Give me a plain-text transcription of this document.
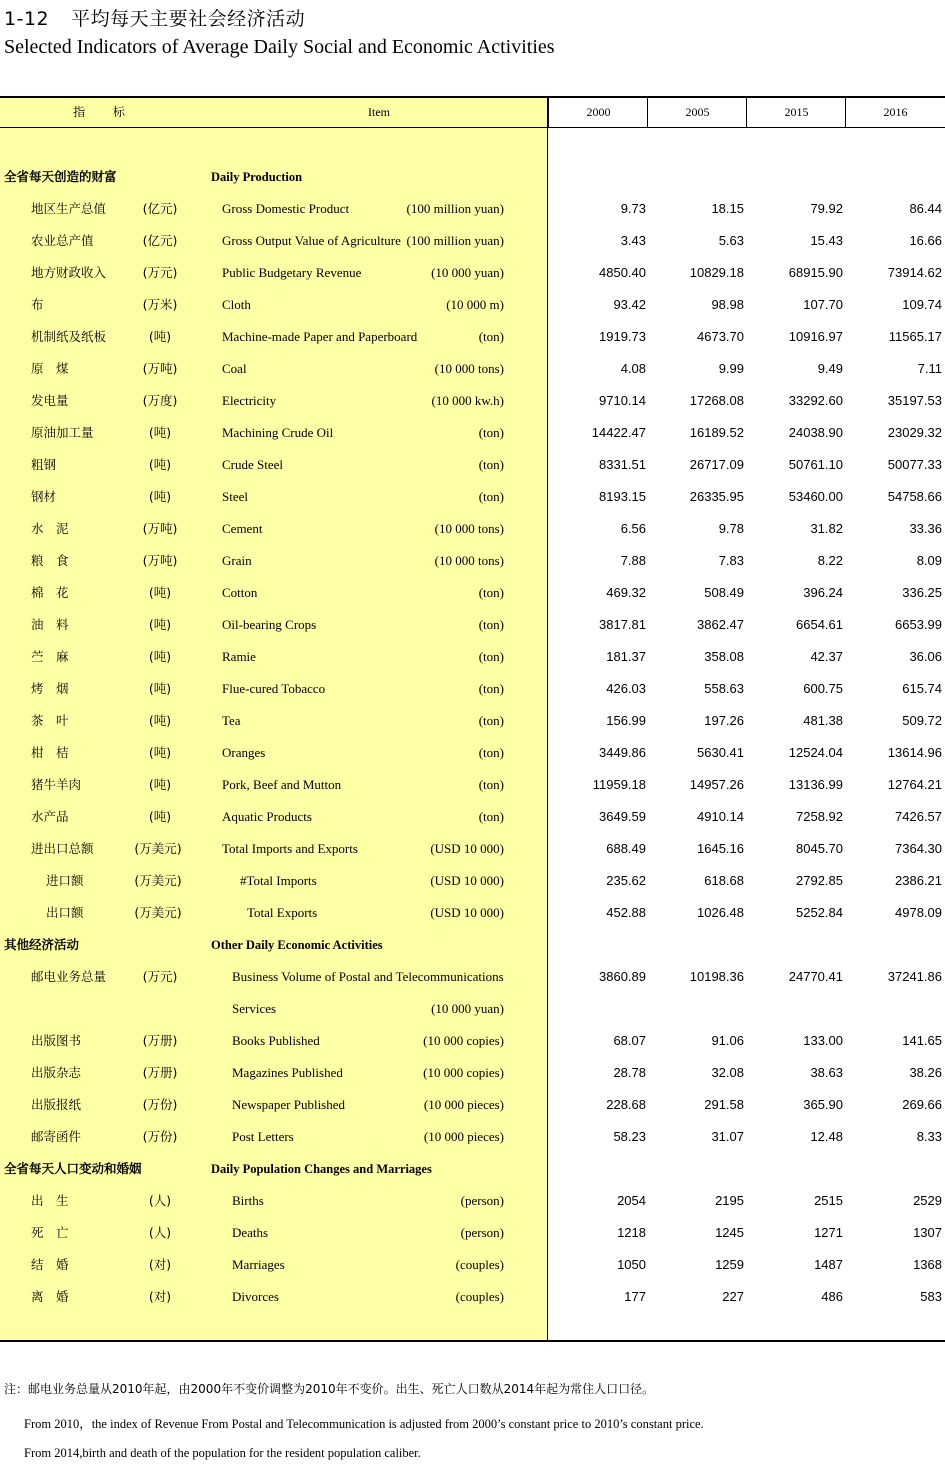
1-12 平均每天主要社会经济活动
Selected Indicators of Average Daily Social and Economic Activities
指 标	Item	2000	2005	2015	2016
全省每天创造的财富	Daily Production
地区生产总值	(亿元)	Gross Domestic Product	(100 million yuan)	9.73	18.15	79.92	86.44
农业总产值	(亿元)	Gross Output Value of Agriculture (100 million yuan)	3.43	5.63	15.43	16.66
地方财政收入	(万元)	Public Budgetary Revenue	(10 000 yuan)	4850.40	10829.18	68915.90	73914.62
布	(万米)	Cloth	(10 000 m)	93.42	98.98	107.70	109.74
机制纸及纸板	(吨)	Machine-made Paper and Paperboard	(ton)	1919.73	4673.70	10916.97	11565.17
原　煤	(万吨)	Coal	(10 000 tons)	4.08	9.99	9.49	7.11
发电量	(万度)	Electricity	(10 000 kw.h)	9710.14	17268.08	33292.60	35197.53
原油加工量	(吨)	Machining Crude Oil	(ton)	14422.47	16189.52	24038.90	23029.32
粗钢	(吨)	Crude Steel	(ton)	8331.51	26717.09	50761.10	50077.33
钢材	(吨)	Steel	(ton)	8193.15	26335.95	53460.00	54758.66
水　泥	(万吨)	Cement	(10 000 tons)	6.56	9.78	31.82	33.36
粮　食	(万吨)	Grain	(10 000 tons)	7.88	7.83	8.22	8.09
棉　花	(吨)	Cotton	(ton)	469.32	508.49	396.24	336.25
油　料	(吨)	Oil-bearing Crops	(ton)	3817.81	3862.47	6654.61	6653.99
苎　麻	(吨)	Ramie	(ton)	181.37	358.08	42.37	36.06
烤　烟	(吨)	Flue-cured Tobacco	(ton)	426.03	558.63	600.75	615.74
茶　叶	(吨)	Tea	(ton)	156.99	197.26	481.38	509.72
柑　桔	(吨)	Oranges	(ton)	3449.86	5630.41	12524.04	13614.96
猪牛羊肉	(吨)	Pork, Beef and Mutton	(ton)	11959.18	14957.26	13136.99	12764.21
水产品	(吨)	Aquatic Products	(ton)	3649.59	4910.14	7258.92	7426.57
进出口总额	(万美元)	Total Imports and Exports	(USD 10 000)	688.49	1645.16	8045.70	7364.30
进口额	(万美元)	#Total Imports	(USD 10 000)	235.62	618.68	2792.85	2386.21
出口额	(万美元)	Total Exports	(USD 10 000)	452.88	1026.48	5252.84	4978.09
其他经济活动	Other Daily Economic Activities
邮电业务总量	(万元)	Business Volume of Postal and Telecommunications	3860.89	10198.36	24770.41	37241.86
Services	(10 000 yuan)
出版图书	(万册)	Books Published	(10 000 copies)	68.07	91.06	133.00	141.65
出版杂志	(万册)	Magazines Published	(10 000 copies)	28.78	32.08	38.63	38.26
出版报纸	(万份)	Newspaper Published	(10 000 pieces)	228.68	291.58	365.90	269.66
邮寄函件	(万份)	Post Letters	(10 000 pieces)	58.23	31.07	12.48	8.33
全省每天人口变动和婚姻	Daily Population Changes and Marriages
出　生	(人)	Births	(person)	2054	2195	2515	2529
死　亡	(人)	Deaths	(person)	1218	1245	1271	1307
结　婚	(对)	Marriages	(couples)	1050	1259	1487	1368
离　婚	(对)	Divorces	(couples)	177	227	486	583
注：邮电业务总量从2010年起，由2000年不变价调整为2010年不变价。出生、死亡人口数从2014年起为常住人口口径。
From 2010，the index of Revenue From Postal and Telecommunication is adjusted from 2000’s constant price to 2010’s constant price.
From 2014,birth and death of the population for the resident population caliber.
